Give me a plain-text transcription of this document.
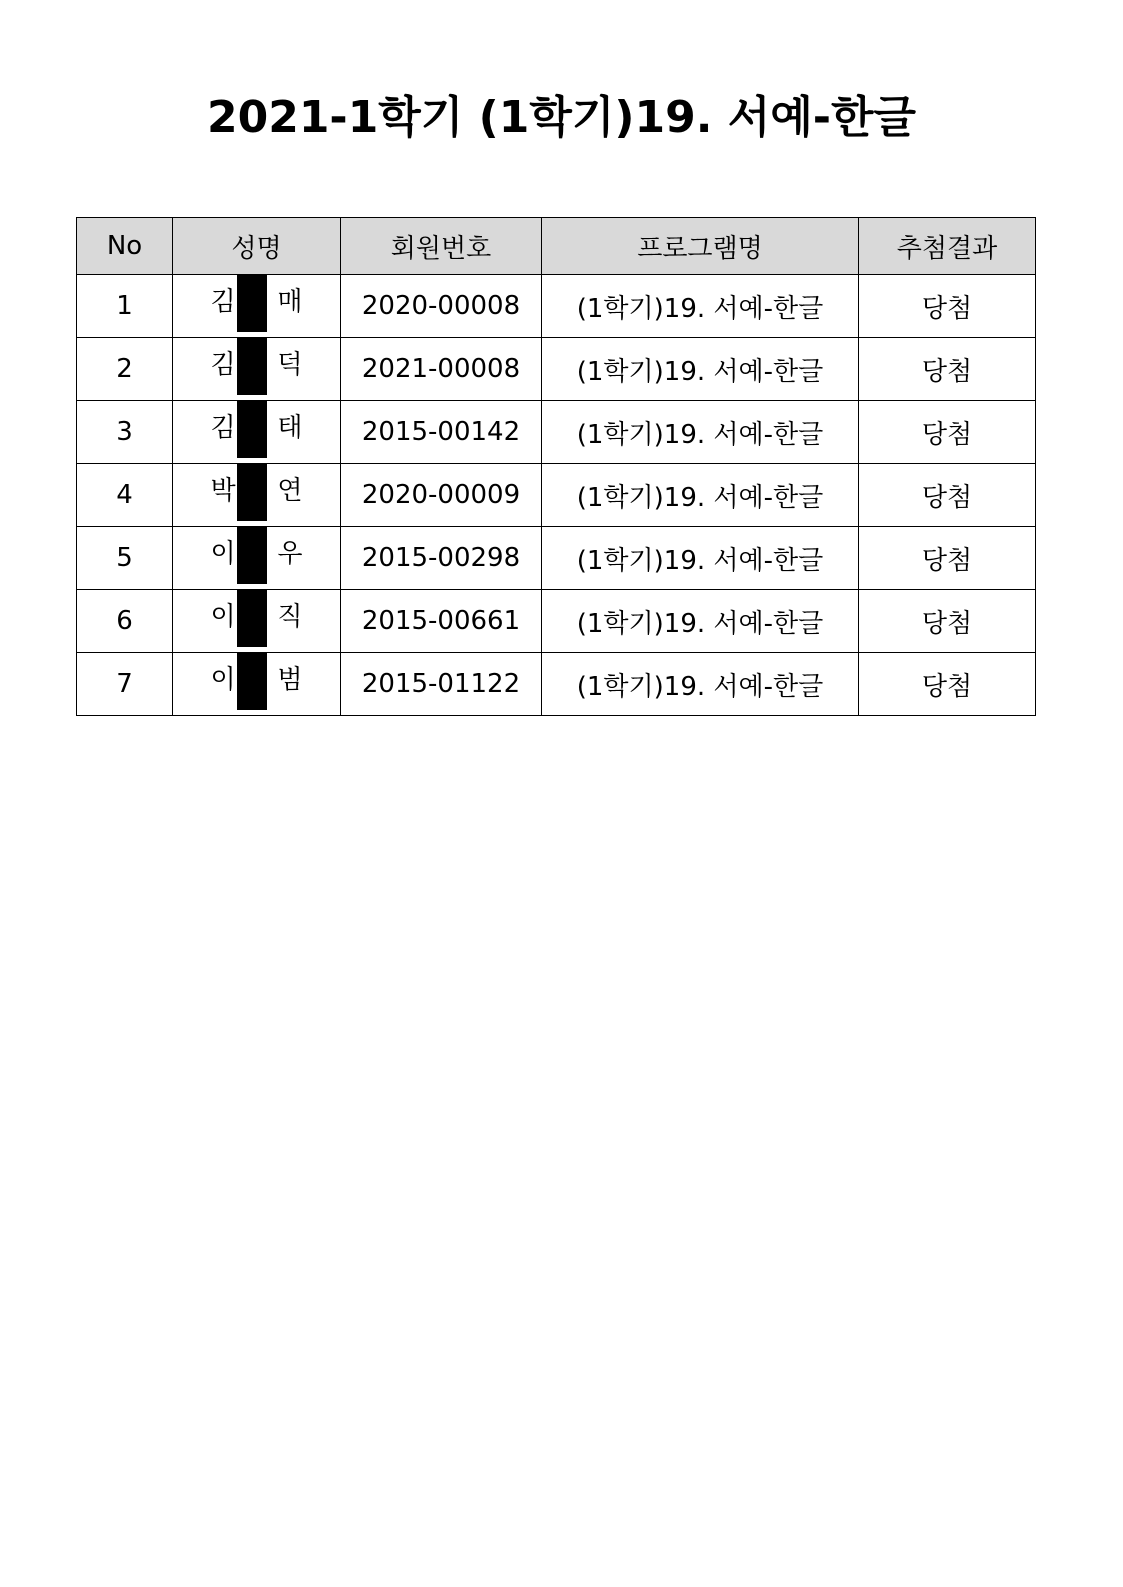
2021-1학기 (1학기)19. 서예-한글
No	성명	회원번호	프로그램명	추첨결과
1	김 매	2020-00008	(1학기)19. 서예-한글	당첨
2	김 덕	2021-00008	(1학기)19. 서예-한글	당첨
3	김 태	2015-00142	(1학기)19. 서예-한글	당첨
4	박 연	2020-00009	(1학기)19. 서예-한글	당첨
5	이 우	2015-00298	(1학기)19. 서예-한글	당첨
6	이 직	2015-00661	(1학기)19. 서예-한글	당첨
7	이 범	2015-01122	(1학기)19. 서예-한글	당첨
